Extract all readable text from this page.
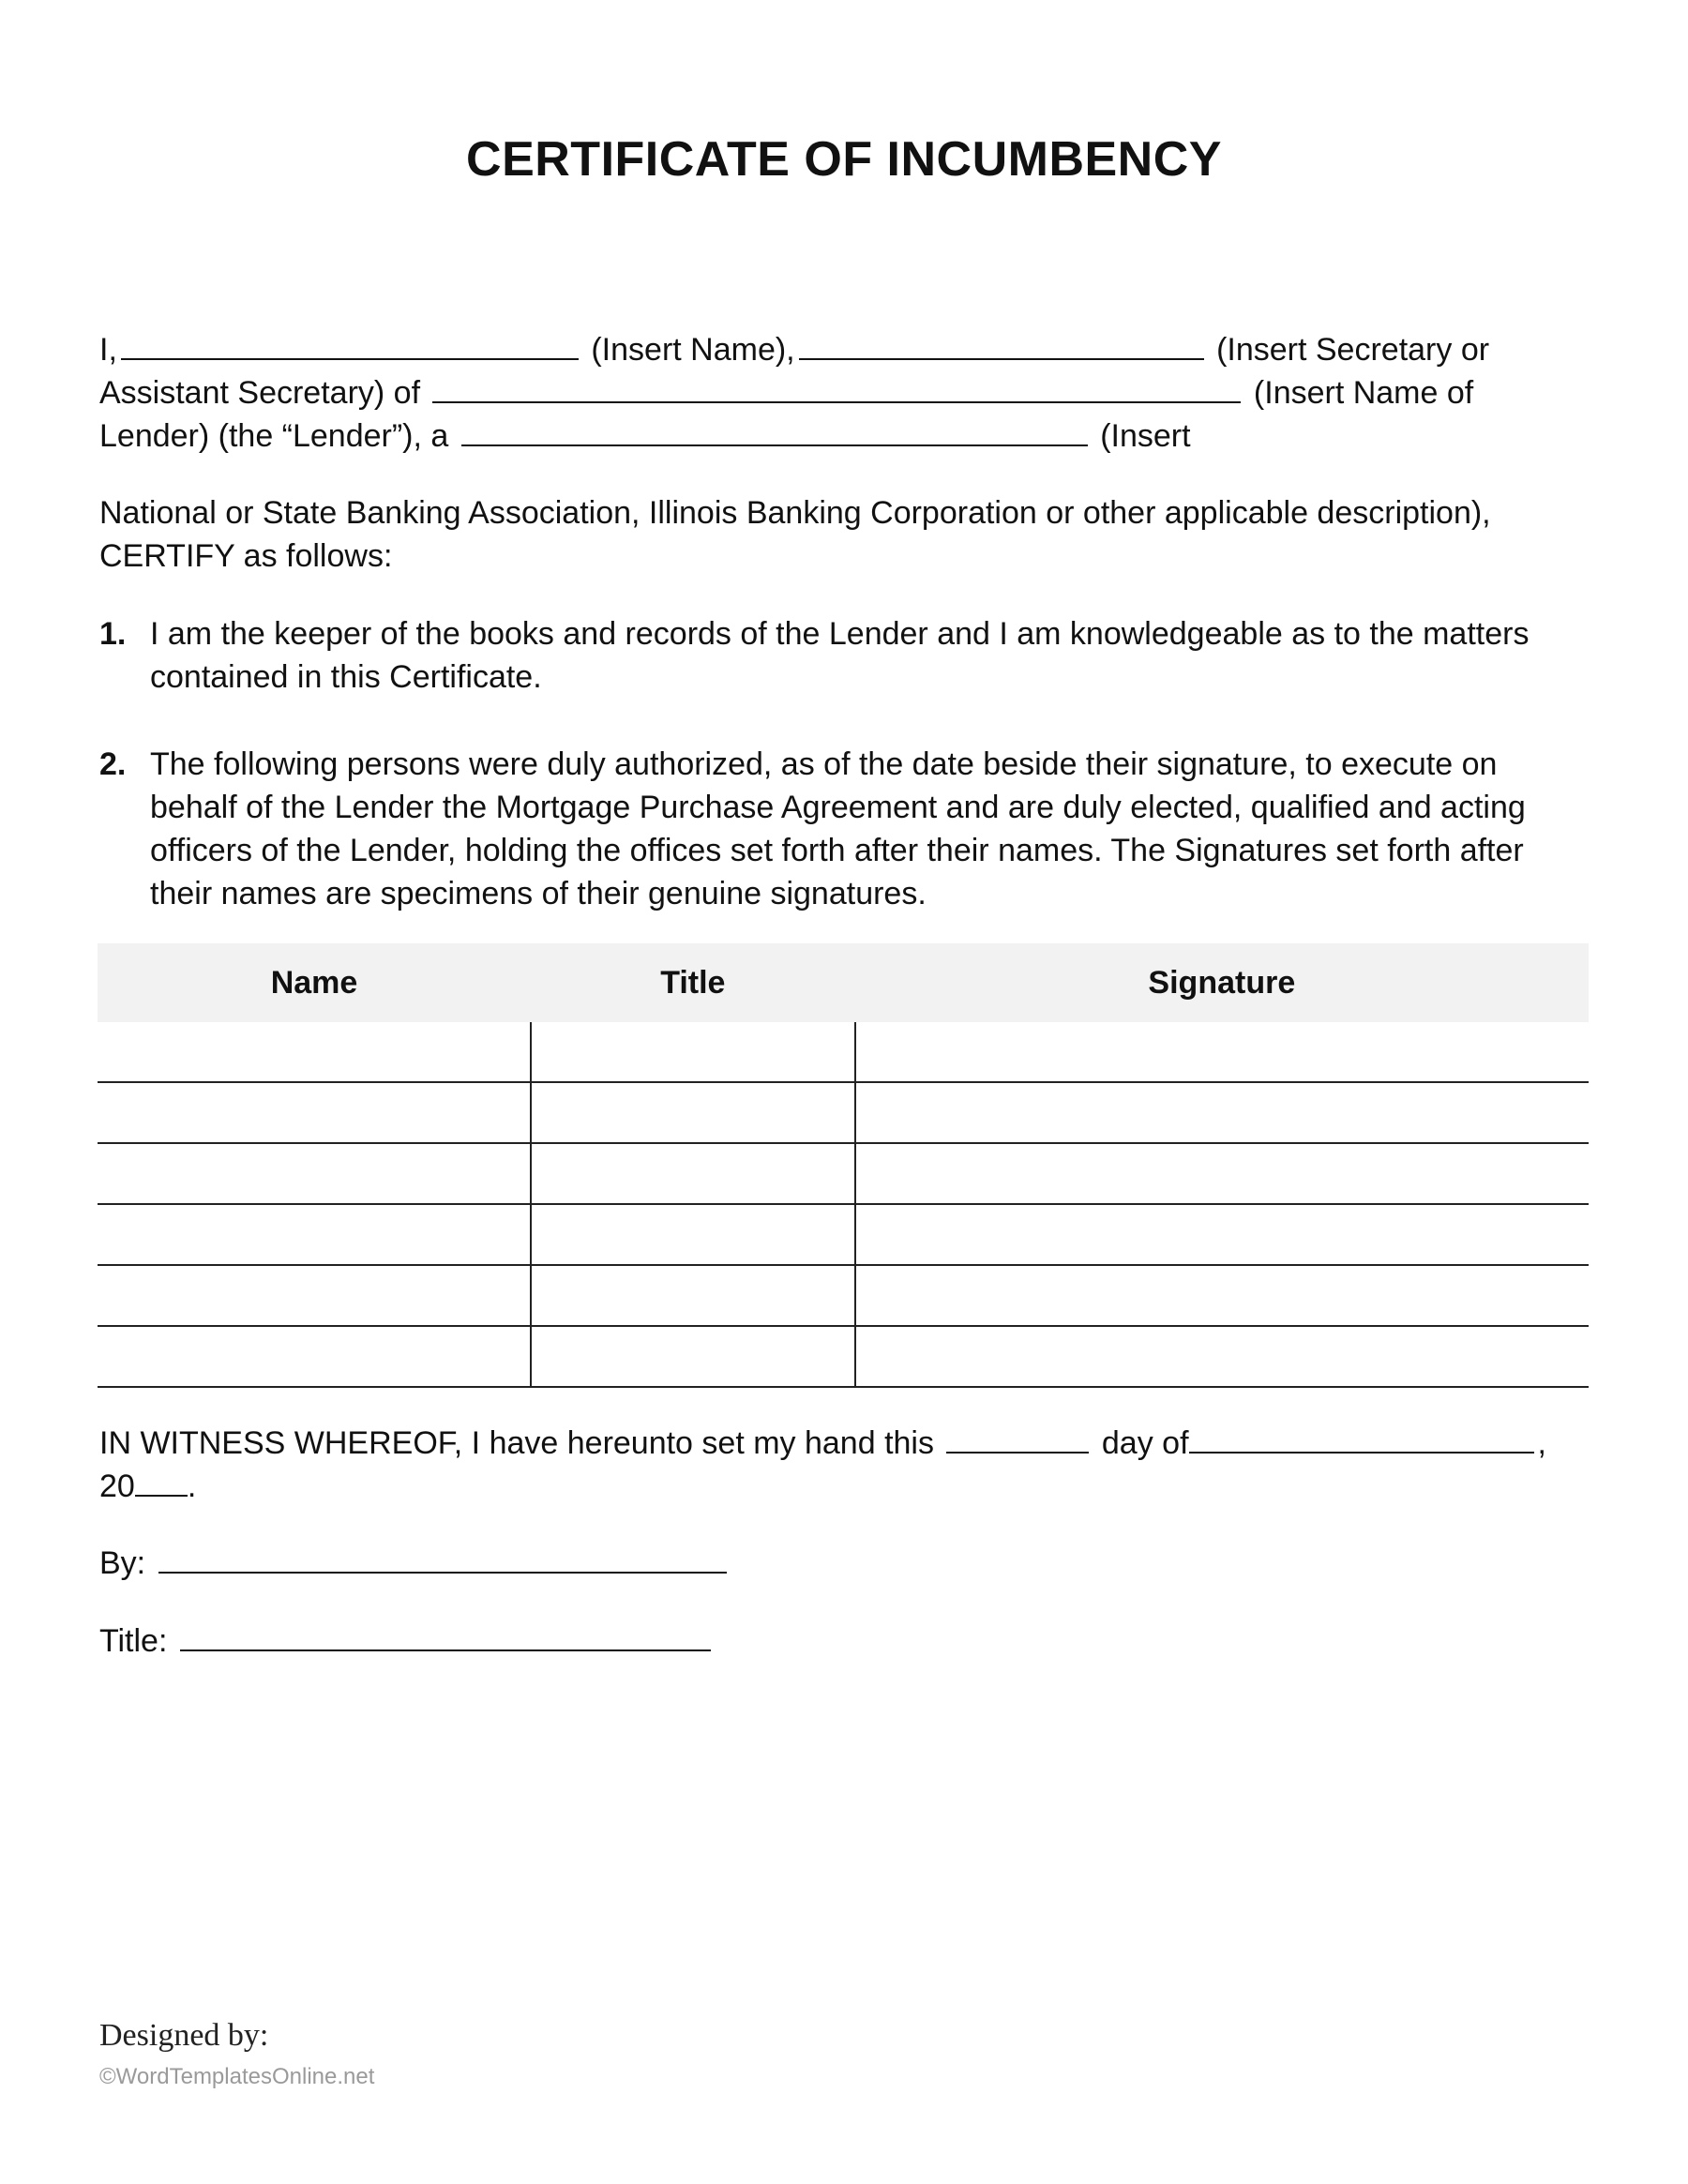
CERTIFICATE OF INCUMBENCY
I,	(Insert Name),	(Insert Secretary or Assistant Secretary) of	(Insert Name of Lender) (the “Lender”), a	(Insert
National or State Banking Association, Illinois Banking Corporation or other applicable description), CERTIFY as follows:
1. I am the keeper of the books and records of the Lender and I am knowledgeable as to the matters contained in this Certificate.
2. The following persons were duly authorized, as of the date beside their signature, to execute on behalf of the Lender the Mortgage Purchase Agreement and are duly elected, qualified and acting officers of the Lender, holding the offices set forth after their names. The Signatures set forth after their names are specimens of their genuine signatures.
Name	Title	Signature

IN WITNESS WHEREOF, I have hereunto set my hand this	day of	,
20 .
By:
Title:
Designed by:
©WordTemplatesOnline.net
